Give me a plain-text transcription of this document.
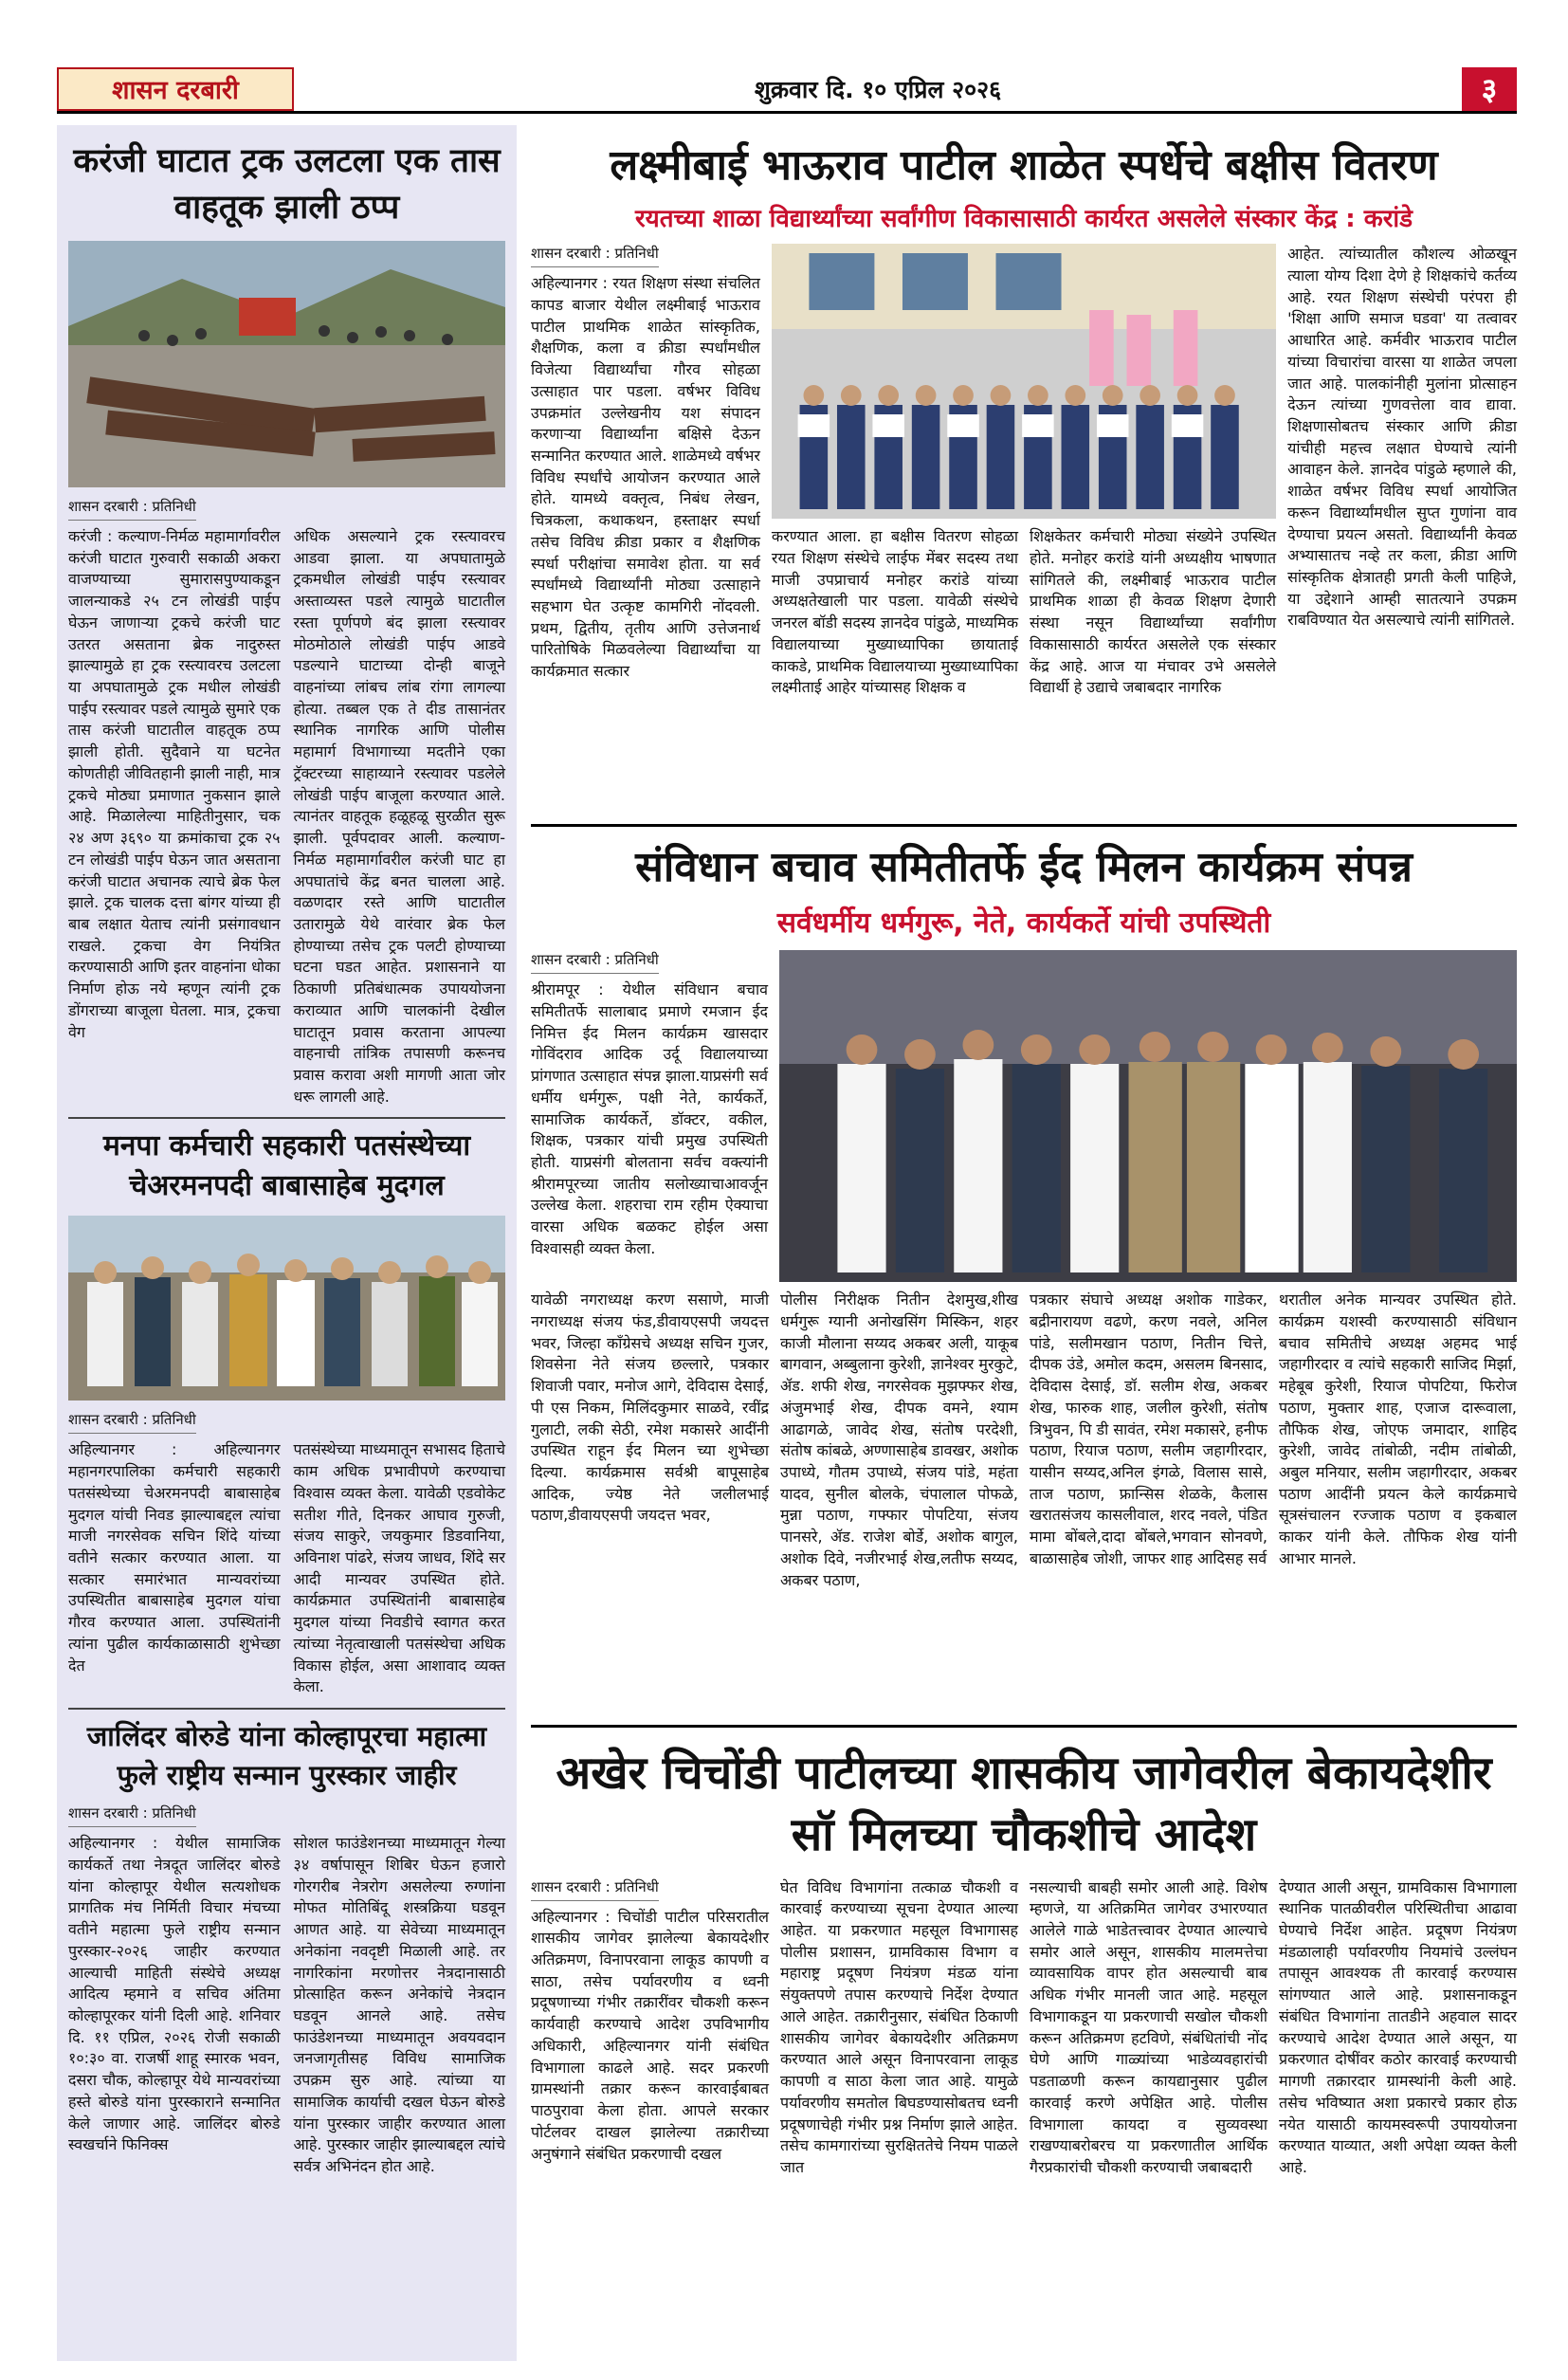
शासन दरबारी	शुक्रवार दि. १० एप्रिल २०२६	३
करंजी घाटात ट्रक उलटला एक तास वाहतूक झाली ठप्प
शासन दरबारी : प्रतिनिधी
करंजी : कल्याण-निर्मळ महामार्गावरील करंजी घाटात गुरुवारी सकाळी अकरा वाजण्याच्या सुमारासपुण्याकडून जालन्याकडे २५ टन लोखंडी पाईप घेऊन जाणाऱ्या ट्रकचे करंजी घाट उतरत असताना ब्रेक नादुरुस्त झाल्यामुळे हा ट्रक रस्त्यावरच उलटला या अपघातामुळे ट्रक मधील लोखंडी पाईप रस्त्यावर पडले त्यामुळे सुमारे एक तास करंजी घाटातील वाहतूक ठप्प झाली होती. सुदैवाने या घटनेत कोणतीही जीवितहानी झाली नाही, मात्र ट्रकचे मोठ्या प्रमाणात नुकसान झाले आहे. मिळालेल्या माहितीनुसार, चक २४ अण ३६९० या क्रमांकाचा ट्रक २५ टन लोखंडी पाईप घेऊन जात असताना करंजी घाटात अचानक त्याचे ब्रेक फेल झाले. ट्रक चालक दत्ता बांगर यांच्या ही बाब लक्षात येताच त्यांनी प्रसंगावधान राखले. ट्रकचा वेग नियंत्रित करण्यासाठी आणि इतर वाहनांना धोका निर्माण होऊ नये म्हणून त्यांनी ट्रक डोंगराच्या बाजूला घेतला. मात्र, ट्रकचा वेग
अधिक असल्याने ट्रक रस्त्यावरच आडवा झाला. या अपघातामुळे ट्रकमधील लोखंडी पाईप रस्त्यावर अस्ताव्यस्त पडले त्यामुळे घाटातील रस्ता पूर्णपणे बंद झाला रस्त्यावर मोठमोठाले लोखंडी पाईप आडवे पडल्याने घाटाच्या दोन्ही बाजूने वाहनांच्या लांबच लांब रांगा लागल्या होत्या. तब्बल एक ते दीड तासानंतर स्थानिक नागरिक आणि पोलीस महामार्ग विभागाच्या मदतीने एका ट्रॅक्टरच्या साहाय्याने रस्त्यावर पडलेले लोखंडी पाईप बाजूला करण्यात आले. त्यानंतर वाहतूक हळूहळू सुरळीत सुरू झाली. पूर्वपदावर आली. कल्याण-निर्मळ महामार्गावरील करंजी घाट हा अपघातांचे केंद्र बनत चालला आहे. वळणदार रस्ते आणि घाटातील उतारामुळे येथे वारंवार ब्रेक फेल होण्याच्या तसेच ट्रक पलटी होण्याच्या घटना घडत आहेत. प्रशासनाने या ठिकाणी प्रतिबंधात्मक उपाययोजना कराव्यात आणि चालकांनी देखील घाटातून प्रवास करताना आपल्या वाहनाची तांत्रिक तपासणी करूनच प्रवास करावा अशी मागणी आता जोर धरू लागली आहे.
मनपा कर्मचारी सहकारी पतसंस्थेच्या चेअरमनपदी बाबासाहेब मुदगल
शासन दरबारी : प्रतिनिधी
अहिल्यानगर : अहिल्यानगर महानगरपालिका कर्मचारी सहकारी पतसंस्थेच्या चेअरमनपदी बाबासाहेब मुदगल यांची निवड झाल्याबद्दल त्यांचा माजी नगरसेवक सचिन शिंदे यांच्या वतीने सत्कार करण्यात आला. या सत्कार समारंभात मान्यवरांच्या उपस्थितीत बाबासाहेब मुदगल यांचा गौरव करण्यात आला. उपस्थितांनी त्यांना पुढील कार्यकाळासाठी शुभेच्छा देत
पतसंस्थेच्या माध्यमातून सभासद हिताचे काम अधिक प्रभावीपणे करण्याचा विश्वास व्यक्त केला. यावेळी एडवोकेट सतीश गीते, दिनकर आघाव गुरुजी, संजय साकुरे, जयकुमार डिडवानिया, अविनाश पांढरे, संजय जाधव, शिंदे सर आदी मान्यवर उपस्थित होते. कार्यक्रमात उपस्थितांनी बाबासाहेब मुदगल यांच्या निवडीचे स्वागत करत त्यांच्या नेतृत्वाखाली पतसंस्थेचा अधिक विकास होईल, असा आशावाद व्यक्त केला.
जालिंदर बोरुडे यांना कोल्हापूरचा महात्मा फुले राष्ट्रीय सन्मान पुरस्कार जाहीर
शासन दरबारी : प्रतिनिधी
अहिल्यानगर : येथील सामाजिक कार्यकर्ते तथा नेत्रदूत जालिंदर बोरुडे यांना कोल्हापूर येथील सत्यशोधक प्रागतिक मंच निर्मिती विचार मंचच्या वतीने महात्मा फुले राष्ट्रीय सन्मान पुरस्कार-२०२६ जाहीर करण्यात आल्याची माहिती संस्थेचे अध्यक्ष आदित्य म्हमाने व सचिव अंतिमा कोल्हापूरकर यांनी दिली आहे. शनिवार दि. ११ एप्रिल, २०२६ रोजी सकाळी १०:३० वा. राजर्षी शाहू स्मारक भवन, दसरा चौक, कोल्हापूर येथे मान्यवरांच्या हस्ते बोरुडे यांना पुरस्काराने सन्मानित केले जाणार आहे. जालिंदर बोरुडे स्वखर्चाने फिनिक्स
सोशल फाउंडेशनच्या माध्यमातून गेल्या ३४ वर्षापासून शिबिर घेऊन हजारो गोरगरीब नेत्ररोग असलेल्या रुग्णांना मोफत मोतिबिंदू शस्त्रक्रिया घडवून आणत आहे. या सेवेच्या माध्यमातून अनेकांना नवदृष्टी मिळाली आहे. तर नागरिकांना मरणोत्तर नेत्रदानासाठी प्रोत्साहित करून अनेकांचे नेत्रदान घडवून आनले आहे. तसेच फाउंडेशनच्या माध्यमातून अवयवदान जनजागृतीसह विविध सामाजिक उपक्रम सुरु आहे. त्यांच्या या सामाजिक कार्याची दखल घेऊन बोरुडे यांना पुरस्कार जाहीर करण्यात आला आहे. पुरस्कार जाहीर झाल्याबद्दल त्यांचे सर्वत्र अभिनंदन होत आहे.
लक्ष्मीबाई भाऊराव पाटील शाळेत स्पर्धेचे बक्षीस वितरण
रयतच्या शाळा विद्यार्थ्यांच्या सर्वांगीण विकासासाठी कार्यरत असलेले संस्कार केंद्र : करांडे
शासन दरबारी : प्रतिनिधी
अहिल्यानगर : रयत शिक्षण संस्था संचलित कापड बाजार येथील लक्ष्मीबाई भाऊराव पाटील प्राथमिक शाळेत सांस्कृतिक, शैक्षणिक, कला व क्रीडा स्पर्धांमधील विजेत्या विद्यार्थ्यांचा गौरव सोहळा उत्साहात पार पडला. वर्षभर विविध उपक्रमांत उल्लेखनीय यश संपादन करणाऱ्या विद्यार्थ्यांना बक्षिसे देऊन सन्मानित करण्यात आले. शाळेमध्ये वर्षभर विविध स्पर्धांचे आयोजन करण्यात आले होते. यामध्ये वक्तृत्व, निबंध लेखन, चित्रकला, कथाकथन, हस्ताक्षर स्पर्धा तसेच विविध क्रीडा प्रकार व शैक्षणिक स्पर्धा परीक्षांचा समावेश होता. या सर्व स्पर्धांमध्ये विद्यार्थ्यांनी मोठ्या उत्साहाने सहभाग घेत उत्कृष्ट कामगिरी नोंदवली. प्रथम, द्वितीय, तृतीय आणि उत्तेजनार्थ पारितोषिके मिळवलेल्या विद्यार्थ्यांचा या कार्यक्रमात सत्कार
करण्यात आला. हा बक्षीस वितरण सोहळा रयत शिक्षण संस्थेचे लाईफ मेंबर सदस्य तथा माजी उपप्राचार्य मनोहर करांडे यांच्या अध्यक्षतेखाली पार पडला. यावेळी संस्थेचे जनरल बॉडी सदस्य ज्ञानदेव पांडुळे, माध्यमिक विद्यालयाच्या मुख्याध्यापिका छायाताई काकडे, प्राथमिक विद्यालयाच्या मुख्याध्यापिका लक्ष्मीताई आहेर यांच्यासह शिक्षक व
शिक्षकेतर कर्मचारी मोठ्या संख्येने उपस्थित होते. मनोहर करांडे यांनी अध्यक्षीय भाषणात सांगितले की, लक्ष्मीबाई भाऊराव पाटील प्राथमिक शाळा ही केवळ शिक्षण देणारी संस्था नसून विद्यार्थ्यांच्या सर्वांगीण विकासासाठी कार्यरत असलेले एक संस्कार केंद्र आहे. आज या मंचावर उभे असलेले विद्यार्थी हे उद्याचे जबाबदार नागरिक
आहेत. त्यांच्यातील कौशल्य ओळखून त्याला योग्य दिशा देणे हे शिक्षकांचे कर्तव्य आहे. रयत शिक्षण संस्थेची परंपरा ही 'शिक्षा आणि समाज घडवा' या तत्वावर आधारित आहे. कर्मवीर भाऊराव पाटील यांच्या विचारांचा वारसा या शाळेत जपला जात आहे. पालकांनीही मुलांना प्रोत्साहन देऊन त्यांच्या गुणवत्तेला वाव द्यावा. शिक्षणासोबतच संस्कार आणि क्रीडा यांचीही महत्त्व लक्षात घेण्याचे त्यांनी आवाहन केले. ज्ञानदेव पांडुळे म्हणाले की, शाळेत वर्षभर विविध स्पर्धा आयोजित करून विद्यार्थ्यांमधील सुप्त गुणांना वाव देण्याचा प्रयत्न असतो. विद्यार्थ्यांनी केवळ अभ्यासातच नव्हे तर कला, क्रीडा आणि सांस्कृतिक क्षेत्रातही प्रगती केली पाहिजे, या उद्देशाने आम्ही सातत्याने उपक्रम राबविण्यात येत असल्याचे त्यांनी सांगितले.
संविधान बचाव समितीतर्फे ईद मिलन कार्यक्रम संपन्न
सर्वधर्मीय धर्मगुरू, नेते, कार्यकर्ते यांची उपस्थिती
शासन दरबारी : प्रतिनिधी
श्रीरामपूर : येथील संविधान बचाव समितीतर्फे सालाबाद प्रमाणे रमजान ईद निमित्त ईद मिलन कार्यक्रम खासदार गोविंदराव आदिक उर्दू विद्यालयाच्या प्रांगणात उत्साहात संपन्न झाला.याप्रसंगी सर्व धर्मीय धर्मगुरू, पक्षी नेते, कार्यकर्ते, सामाजिक कार्यकर्ते, डॉक्टर, वकील, शिक्षक, पत्रकार यांची प्रमुख उपस्थिती होती. याप्रसंगी बोलताना सर्वच वक्त्यांनी श्रीरामपूरच्या जातीय सलोख्याचाआवर्जून उल्लेख केला. शहराचा राम रहीम ऐक्याचा वारसा अधिक बळकट होईल असा विश्वासही व्यक्त केला.
यावेळी नगराध्यक्ष करण ससाणे, माजी नगराध्यक्ष संजय फंड,डीवायएसपी जयदत्त भवर, जिल्हा काँग्रेसचे अध्यक्ष सचिन गुजर, शिवसेना नेते संजय छल्लारे, पत्रकार शिवाजी पवार, मनोज आगे, देविदास देसाई, पी एस निकम, मिलिंदकुमार साळवे, रवींद्र गुलाटी, लकी सेठी, रमेश मकासरे आदींनी उपस्थित राहून ईद मिलन च्या शुभेच्छा दिल्या. कार्यक्रमास सर्वश्री बापूसाहेब आदिक, ज्येष्ठ नेते जलीलभाई पठाण,डीवायएसपी जयदत्त भवर,
पोलीस निरीक्षक नितीन देशमुख,शीख धर्मगुरू ग्यानी अनोखसिंग मिस्किन, शहर काजी मौलाना सय्यद अकबर अली, याकूब बागवान, अब्बुलाना कुरेशी, ज्ञानेश्वर मुरकुटे, ॲड. शफी शेख, नगरसेवक मुझफ्फर शेख, अंजुमभाई शेख, दीपक वमने, श्याम आढागळे, जावेद शेख, संतोष परदेशी, संतोष कांबळे, अण्णासाहेब डावखर, अशोक उपाध्ये, गौतम उपाध्ये, संजय पांडे, महंता यादव, सुनील बोलके, चंपालाल पोफळे, मुन्ना पठाण, गफ्फार पोपटिया, संजय पानसरे, ॲड. राजेश बोर्डे, अशोक बागुल, अशोक दिवे, नजीरभाई शेख,लतीफ सय्यद, अकबर पठाण,
पत्रकार संघाचे अध्यक्ष अशोक गाडेकर, बद्रीनारायण वढणे, करण नवले, अनिल पांडे, सलीमखान पठाण, नितीन चित्ते, दीपक उंडे, अमोल कदम, असलम बिनसाद, देविदास देसाई, डॉ. सलीम शेख, अकबर शेख, फारुक शाह, जलील कुरेशी, संतोष त्रिभुवन, पि डी सावंत, रमेश मकासरे, हनीफ पठाण, रियाज पठाण, सलीम जहागीरदार, यासीन सय्यद,अनिल इंगळे, विलास सासे, ताज पठाण, फ्रान्सिस शेळके, कैलास खरातसंजय कासलीवाल, शरद नवले, पंडित मामा बोंबले,दादा बोंबले,भगवान सोनवणे, बाळासाहेब जोशी, जाफर शाह आदिसह सर्व
थरातील अनेक मान्यवर उपस्थित होते. कार्यक्रम यशस्वी करण्यासाठी संविधान बचाव समितीचे अध्यक्ष अहमद भाई जहागीरदार व त्यांचे सहकारी साजिद मिर्झा, महेबूब कुरेशी, रियाज पोपटिया, फिरोज पठाण, मुक्तार शाह, एजाज दारूवाला, तौफिक शेख, जोएफ जमादार, शाहिद कुरेशी, जावेद तांबोळी, नदीम तांबोळी, अबुल मनियार, सलीम जहागीरदार, अकबर पठाण आदींनी प्रयत्न केले कार्यक्रमाचे सूत्रसंचालन रज्जाक पठाण व इकबाल काकर यांनी केले. तौफिक शेख यांनी आभार मानले.
अखेर चिचोंडी पाटीलच्या शासकीय जागेवरील बेकायदेशीर सॉ मिलच्या चौकशीचे आदेश
शासन दरबारी : प्रतिनिधी
अहिल्यानगर : चिचोंडी पाटील परिसरातील शासकीय जागेवर झालेल्या बेकायदेशीर अतिक्रमण, विनापरवाना लाकूड कापणी व साठा, तसेच पर्यावरणीय व ध्वनी प्रदूषणाच्या गंभीर तक्रारींवर चौकशी करून कार्यवाही करण्याचे आदेश उपविभागीय अधिकारी, अहिल्यानगर यांनी संबंधित विभागाला काढले आहे. सदर प्रकरणी ग्रामस्थांनी तक्रार करून कारवाईबाबत पाठपुरावा केला होता. आपले सरकार पोर्टलवर दाखल झालेल्या तक्रारीच्या अनुषंगाने संबंधित प्रकरणाची दखल
घेत विविध विभागांना तत्काळ चौकशी व कारवाई करण्याच्या सूचना देण्यात आल्या आहेत. या प्रकरणात महसूल विभागासह पोलीस प्रशासन, ग्रामविकास विभाग व महाराष्ट्र प्रदूषण नियंत्रण मंडळ यांना संयुक्तपणे तपास करण्याचे निर्देश देण्यात आले आहेत. तक्रारीनुसार, संबंधित ठिकाणी शासकीय जागेवर बेकायदेशीर अतिक्रमण करण्यात आले असून विनापरवाना लाकूड कापणी व साठा केला जात आहे. यामुळे पर्यावरणीय समतोल बिघडण्यासोबतच ध्वनी प्रदूषणाचेही गंभीर प्रश्न निर्माण झाले आहेत. तसेच कामगारांच्या सुरक्षिततेचे नियम पाळले जात
नसल्याची बाबही समोर आली आहे. विशेष म्हणजे, या अतिक्रमित जागेवर उभारण्यात आलेले गाळे भाडेतत्त्वावर देण्यात आल्याचे समोर आले असून, शासकीय मालमत्तेचा व्यावसायिक वापर होत असल्याची बाब अधिक गंभीर मानली जात आहे. महसूल विभागाकडून या प्रकरणाची सखोल चौकशी करून अतिक्रमण हटविणे, संबंधितांची नोंद घेणे आणि गाळ्यांच्या भाडेव्यवहारांची पडताळणी करून कायद्यानुसार पुढील कारवाई करणे अपेक्षित आहे. पोलीस विभागाला कायदा व सुव्यवस्था राखण्याबरोबरच या प्रकरणातील आर्थिक गैरप्रकारांची चौकशी करण्याची जबाबदारी
देण्यात आली असून, ग्रामविकास विभागाला स्थानिक पातळीवरील परिस्थितीचा आढावा घेण्याचे निर्देश आहेत. प्रदूषण नियंत्रण मंडळालाही पर्यावरणीय नियमांचे उल्लंघन तपासून आवश्यक ती कारवाई करण्यास सांगण्यात आले आहे. प्रशासनाकडून संबंधित विभागांना तातडीने अहवाल सादर करण्याचे आदेश देण्यात आले असून, या प्रकरणात दोषींवर कठोर कारवाई करण्याची मागणी तक्रारदार ग्रामस्थांनी केली आहे. तसेच भविष्यात अशा प्रकारचे प्रकार होऊ नयेत यासाठी कायमस्वरूपी उपाययोजना करण्यात याव्यात, अशी अपेक्षा व्यक्त केली आहे.
